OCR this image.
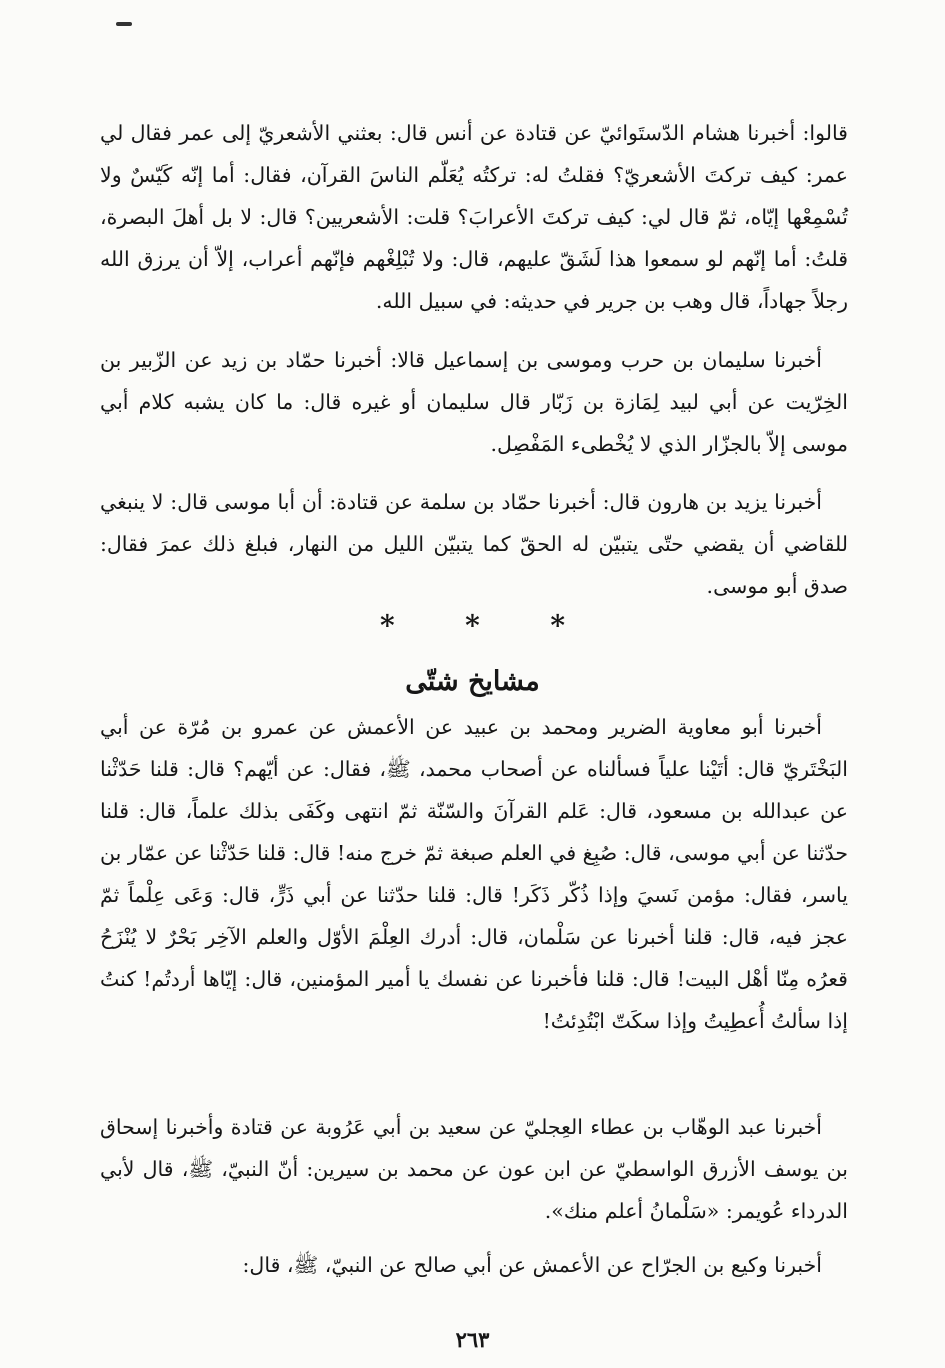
قالوا: أخبرنا هشام الدّستَوائيّ عن قتادة عن أنس قال: بعثني الأشعريّ إلى عمر فقال لي عمر: كيف تركتَ الأشعريّ؟ فقلتُ له: تركتُه يُعَلّم الناسَ القرآن، فقال: أما إنّه كَيّسٌ ولا تُسْمِعْها إيّاه، ثمّ قال لي: كيف تركتَ الأعرابَ؟ قلت: الأشعريين؟ قال: لا بل أهلَ البصرة، قلتُ: أما إنّهم لو سمعوا هذا لَشَقّ عليهم، قال: ولا تُبْلِغْهم فإنّهم أعراب، إلاّ أن يرزق الله رجلاً جهاداً، قال وهب بن جرير في حديثه: في سبيل الله.

أخبرنا سليمان بن حرب وموسى بن إسماعيل قالا: أخبرنا حمّاد بن زيد عن الزّبير بن الخِرّيت عن أبي لبيد لِمَازة بن زَبّار قال سليمان أو غيره قال: ما كان يشبه كلام أبي موسى إلاّ بالجزّار الذي لا يُخْطىء المَفْصِل.

أخبرنا يزيد بن هارون قال: أخبرنا حمّاد بن سلمة عن قتادة: أن أبا موسى قال: لا ينبغي للقاضي أن يقضي حتّى يتبيّن له الحقّ كما يتبيّن الليل من النهار، فبلغ ذلك عمرَ فقال: صدق أبو موسى.

*	*	*
مشايخ شتّى

أخبرنا أبو معاوية الضرير ومحمد بن عبيد عن الأعمش عن عمرو بن مُرّة عن أبي البَخْتَريّ قال: أتَيْنا علياً فسألناه عن أصحاب محمد، ﷺ، فقال: عن أيّهم؟ قال: قلنا حَدّثْنا عن عبدالله بن مسعود، قال: عَلم القرآنَ والسّنّة ثمّ انتهى وكَفَى بذلك علماً، قال: قلنا حدّثنا عن أبي موسى، قال: صُبِغ في العلم صبغة ثمّ خرج منه! قال: قلنا حَدّثْنا عن عمّار بن ياسر، فقال: مؤمن نَسيَ وإذا ذُكّر ذَكَر! قال: قلنا حدّثنا عن أبي ذَرٍّ، قال: وَعَى عِلْماً ثمّ عجز فيه، قال: قلنا أخبرنا عن سَلْمان، قال: أدرك العِلْمَ الأوّل والعلم الآخِر بَحْرٌ لا يُنْزَحُ قعرُه مِنّا أهْل البيت! قال: قلنا فأخبرنا عن نفسك يا أمير المؤمنين، قال: إيّاها أردتُم! كنتُ إذا سألتُ أُعطِيتُ وإذا سكَتّ ابْتُدِئتُ!

أخبرنا عبد الوهّاب بن عطاء العِجليّ عن سعيد بن أبي عَرُوبة عن قتادة وأخبرنا إسحاق بن يوسف الأزرق الواسطيّ عن ابن عون عن محمد بن سيرين: أنّ النبيّ، ﷺ، قال لأبي الدرداء عُويمر: «سَلْمانُ أعلم منك».

أخبرنا وكيع بن الجرّاح عن الأعمش عن أبي صالح عن النبيّ، ﷺ، قال:

٢٦٣
